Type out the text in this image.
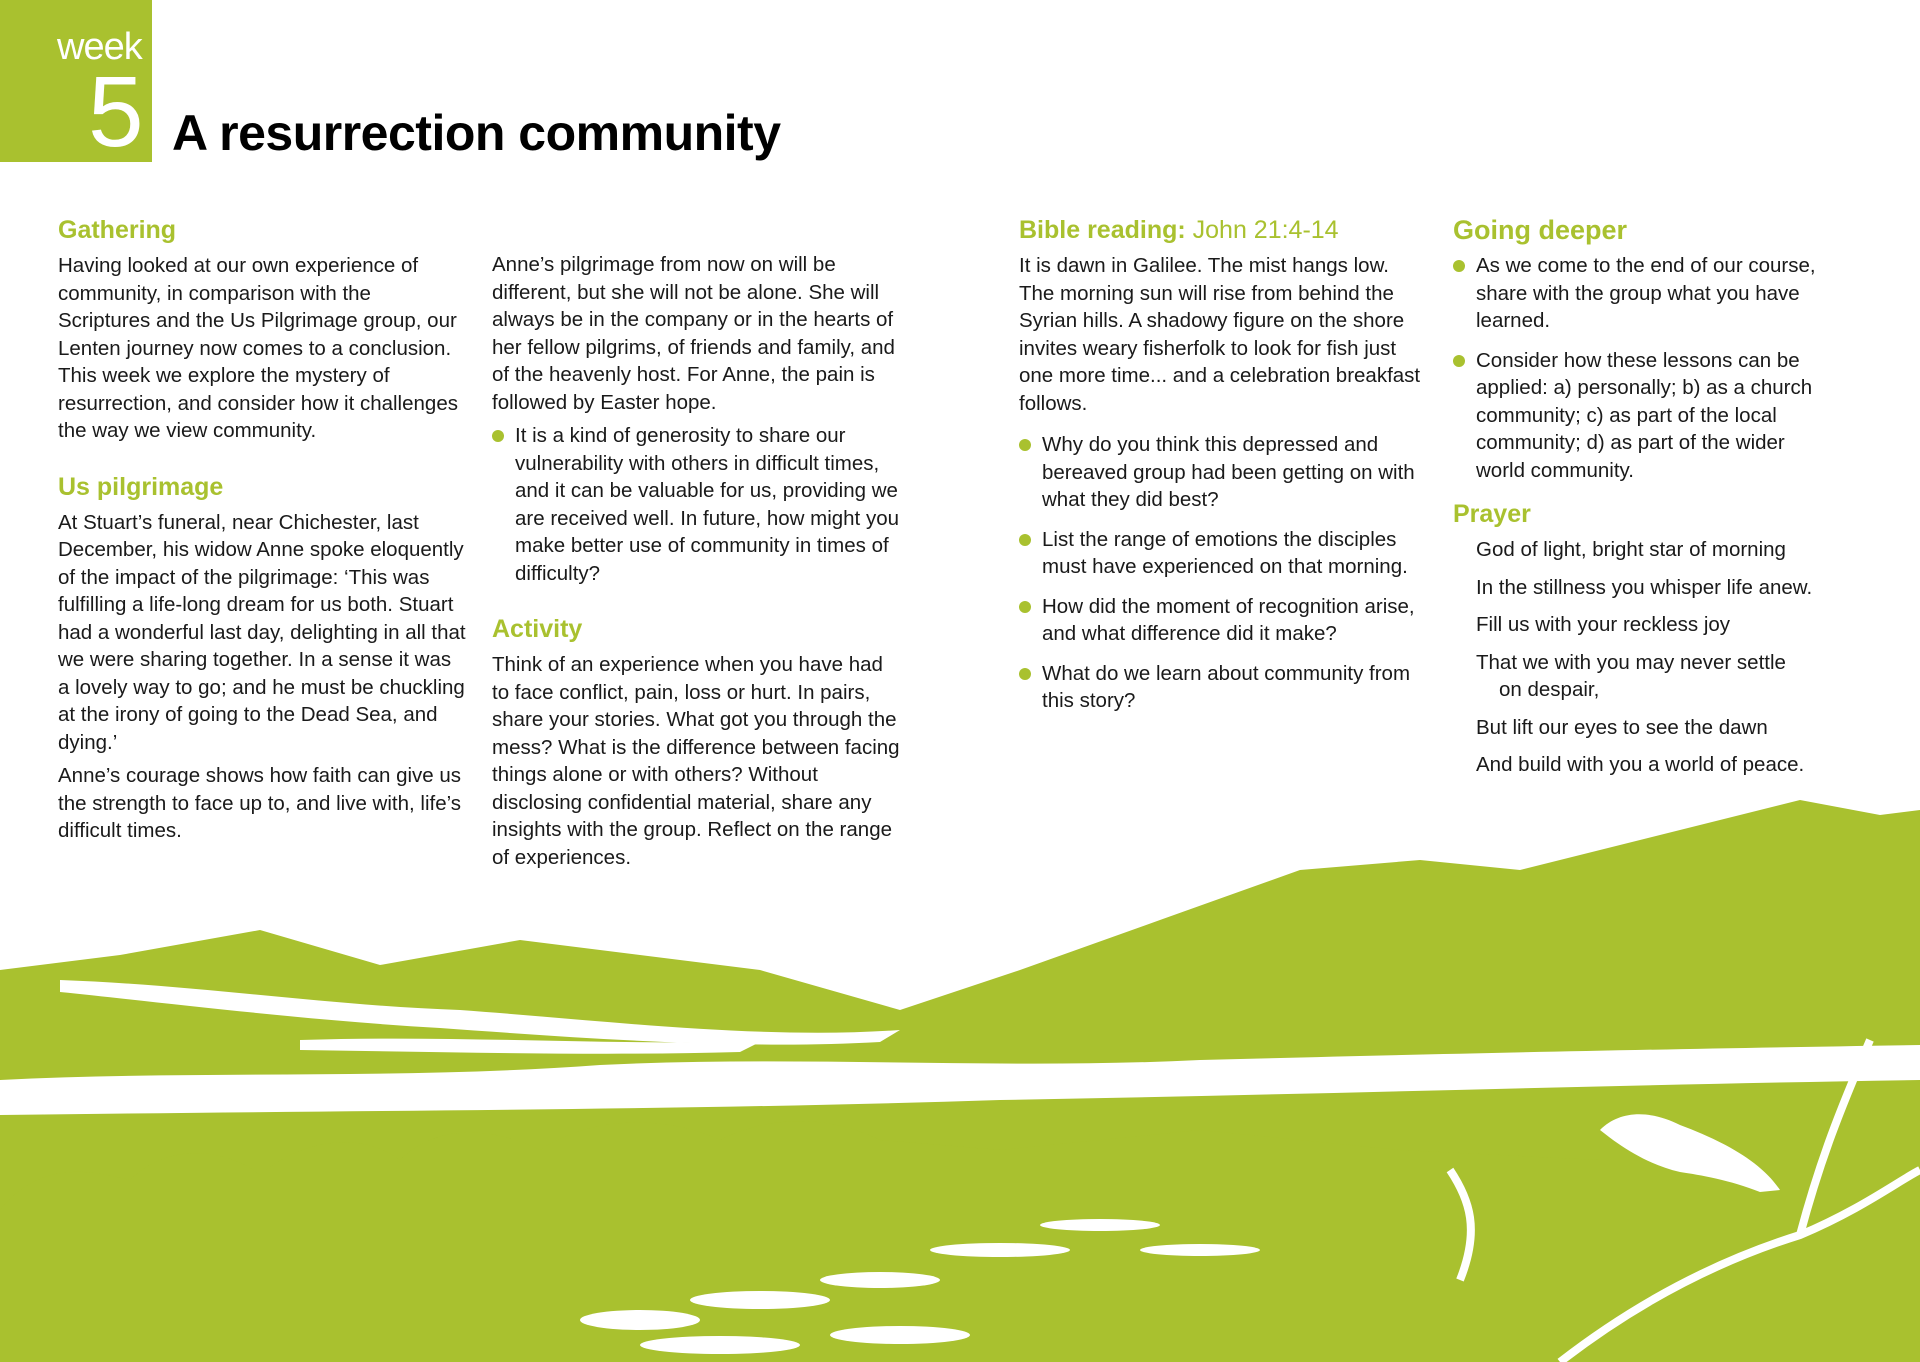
week
5 A resurrection community
Gathering

Having looked at our own experience of community, in comparison with the Scriptures and the Us Pilgrimage group, our Lenten journey now comes to a conclusion. This week we explore the mystery of resurrection, and consider how it challenges the way we view community.

Us pilgrimage

At Stuart’s funeral, near Chichester, last December, his widow Anne spoke eloquently of the impact of the pilgrimage: ‘This was fulfilling a life-long dream for us both. Stuart had a wonderful last day, delighting in all that we were sharing together. In a sense it was a lovely way to go; and he must be chuckling at the irony of going to the Dead Sea, and dying.’

Anne’s courage shows how faith can give us the strength to face up to, and live with, life’s difficult times.

Anne’s pilgrimage from now on will be different, but she will not be alone. She will always be in the company or in the hearts of her fellow pilgrims, of friends and family, and of the heavenly host. For Anne, the pain is followed by Easter hope.

It is a kind of generosity to share our vulnerability with others in difficult times, and it can be valuable for us, providing we are received well. In future, how might you make better use of community in times of difficulty?
Activity

Think of an experience when you have had to face conflict, pain, loss or hurt. In pairs, share your stories. What got you through the mess? What is the difference between facing things alone or with others? Without disclosing confidential material, share any insights with the group. Reflect on the range of experiences.

Bible reading: John 21:4-14

It is dawn in Galilee. The mist hangs low. The morning sun will rise from behind the Syrian hills. A shadowy figure on the shore invites weary fisherfolk to look for fish just one more time... and a celebration breakfast follows.

Why do you think this depressed and bereaved group had been getting on with what they did best?
List the range of emotions the disciples must have experienced on that morning.
How did the moment of recognition arise, and what difference did it make?
What do we learn about community from this story?
Going deeper
As we come to the end of our course, share with the group what you have learned.
Consider how these lessons can be applied: a) personally; b) as a church community; c) as part of the local community; d) as part of the wider world community.
Prayer
God of light, bright star of morning
In the stillness you whisper life anew.
Fill us with your reckless joy
That we with you may never settle
on despair,
But lift our eyes to see the dawn
And build with you a world of peace.
